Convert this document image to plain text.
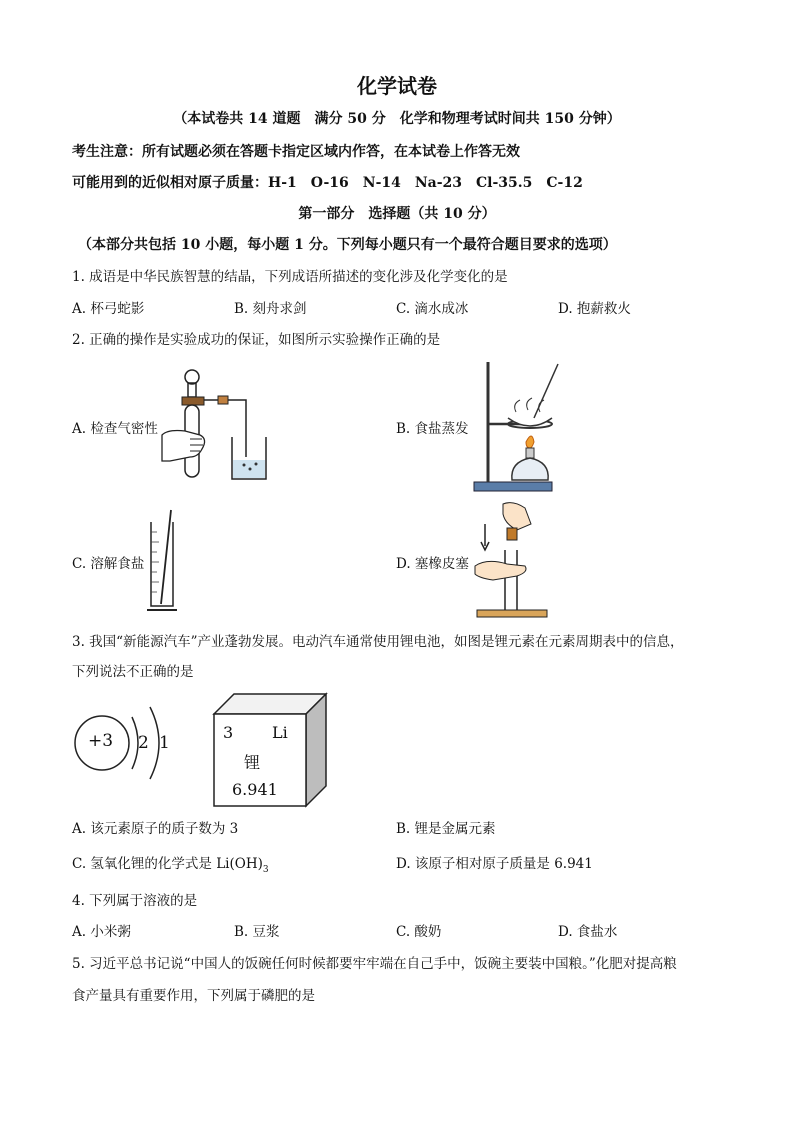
化学试卷
（本试卷共 14 道题　满分 50 分　化学和物理考试时间共 150 分钟）
考生注意：所有试题必须在答题卡指定区域内作答，在本试卷上作答无效
可能用到的近似相对原子质量：H-1　O-16　N-14　Na-23　Cl-35.5　C-12
第一部分　选择题（共 10 分）
（本部分共包括 10 小题，每小题 1 分。下列每小题只有一个最符合题目要求的选项）
1. 成语是中华民族智慧的结晶，下列成语所描述的变化涉及化学变化的是
A. 杯弓蛇影	B. 刻舟求剑	C. 滴水成冰	D. 抱薪救火
2. 正确的操作是实验成功的保证，如图所示实验操作正确的是
A. 检查气密性	B. 食盐蒸发
C. 溶解食盐	D. 塞橡皮塞
3. 我国“新能源汽车”产业蓬勃发展。电动汽车通常使用锂电池，如图是锂元素在元素周期表中的信息，
下列说法不正确的是
+3 2 1
3 Li
锂
6.941
A. 该元素原子的质子数为 3	B. 锂是金属元素
C. 氢氧化锂的化学式是 $Li(OH)_3$	D. 该原子相对原子质量是 6.941
4. 下列属于溶液的是
A. 小米粥	B. 豆浆	C. 酸奶	D. 食盐水
5. 习近平总书记说“中国人的饭碗任何时候都要牢牢端在自己手中，饭碗主要装中国粮。”化肥对提高粮
食产量具有重要作用，下列属于磷肥的是
